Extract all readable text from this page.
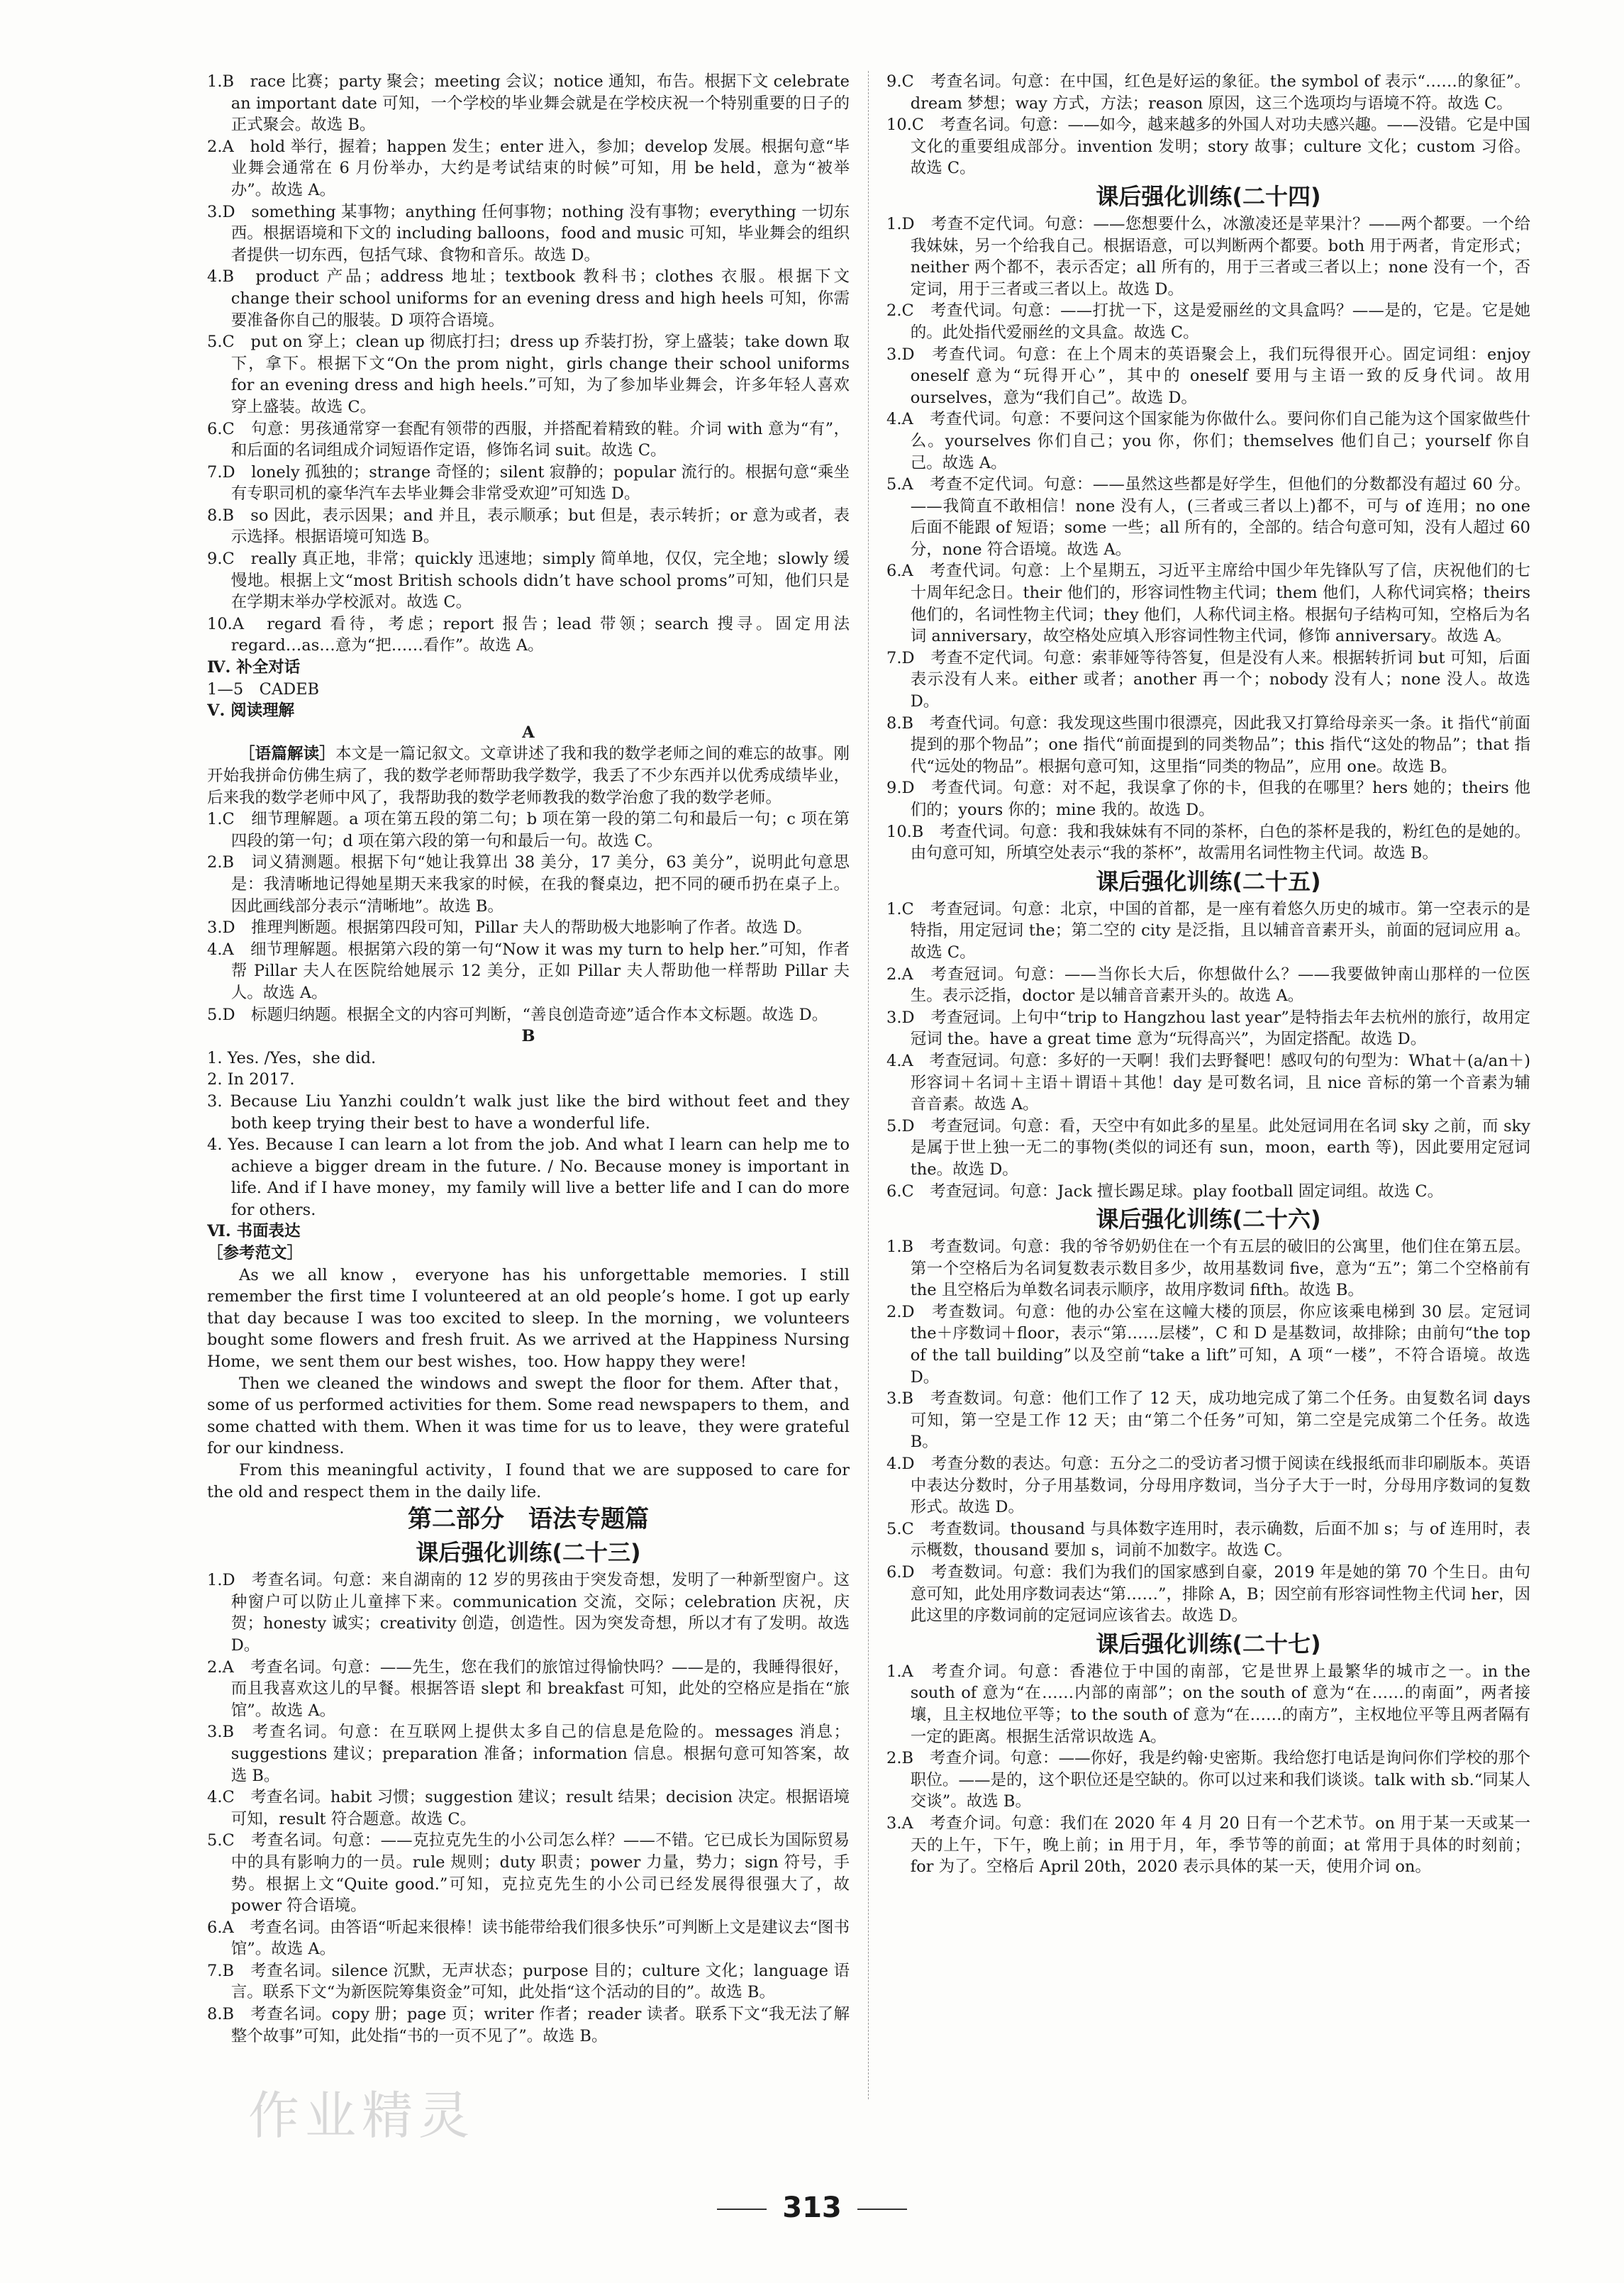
1.B　race 比赛；party 聚会；meeting 会议；notice 通知，布告。根据下文 celebrate an important date 可知，一个学校的毕业舞会就是在学校庆祝一个特别重要的日子的正式聚会。故选 B。

2.A　hold 举行，握着；happen 发生；enter 进入，参加；develop 发展。根据句意“毕业舞会通常在 6 月份举办，大约是考试结束的时候”可知，用 be held，意为“被举办”。故选 A。

3.D　something 某事物；anything 任何事物；nothing 没有事物；everything 一切东西。根据语境和下文的 including balloons，food and music 可知，毕业舞会的组织者提供一切东西，包括气球、食物和音乐。故选 D。

4.B　product 产品；address 地址；textbook 教科书；clothes 衣服。根据下文 change their school uniforms for an evening dress and high heels 可知，你需要准备你自己的服装。D 项符合语境。

5.C　put on 穿上；clean up 彻底打扫；dress up 乔装打扮，穿上盛装；take down 取下，拿下。根据下文“On the prom night，girls change their school uniforms for an evening dress and high heels.”可知，为了参加毕业舞会，许多年轻人喜欢穿上盛装。故选 C。

6.C　句意：男孩通常穿一套配有领带的西服，并搭配着精致的鞋。介词 with 意为“有”，和后面的名词组成介词短语作定语，修饰名词 suit。故选 C。

7.D　lonely 孤独的；strange 奇怪的；silent 寂静的；popular 流行的。根据句意“乘坐有专职司机的豪华汽车去毕业舞会非常受欢迎”可知选 D。

8.B　so 因此，表示因果；and 并且，表示顺承；but 但是，表示转折；or 意为或者，表示选择。根据语境可知选 B。

9.C　really 真正地，非常；quickly 迅速地；simply 简单地，仅仅，完全地；slowly 缓慢地。根据上文“most British schools didn’t have school proms”可知，他们只是在学期末举办学校派对。故选 C。

10.A　regard 看待，考虑；report 报告；lead 带领；search 搜寻。固定用法 regard…as…意为“把……看作”。故选 A。

Ⅳ. 补全对话

1—5　CADEB

Ⅴ. 阅读理解

A

［语篇解读］本文是一篇记叙文。文章讲述了我和我的数学老师之间的难忘的故事。刚开始我拼命仿佛生病了，我的数学老师帮助我学数学，我丢了不少东西并以优秀成绩毕业，后来我的数学老师中风了，我帮助我的数学老师教我的数学治愈了我的数学老师。

1.C　细节理解题。a 项在第五段的第二句；b 项在第一段的第二句和最后一句；c 项在第四段的第一句；d 项在第六段的第一句和最后一句。故选 C。

2.B　词义猜测题。根据下句“她让我算出 38 美分，17 美分，63 美分”，说明此句意思是：我清晰地记得她星期天来我家的时候，在我的餐桌边，把不同的硬币扔在桌子上。因此画线部分表示“清晰地”。故选 B。

3.D　推理判断题。根据第四段可知，Pillar 夫人的帮助极大地影响了作者。故选 D。

4.A　细节理解题。根据第六段的第一句“Now it was my turn to help her.”可知，作者帮 Pillar 夫人在医院给她展示 12 美分，正如 Pillar 夫人帮助他一样帮助 Pillar 夫人。故选 A。

5.D　标题归纳题。根据全文的内容可判断，“善良创造奇迹”适合作本文标题。故选 D。

B

1. Yes. /Yes，she did.

2. In 2017.

3. Because Liu Yanzhi couldn’t walk just like the bird without feet and they both keep trying their best to have a wonderful life.

4. Yes. Because I can learn a lot from the job. And what I learn can help me to achieve a bigger dream in the future. / No. Because money is important in life. And if I have money，my family will live a better life and I can do more for others.

Ⅵ. 书面表达

［参考范文］

As we all know，everyone has his unforgettable memories. I still remember the first time I volunteered at an old people’s home. I got up early that day because I was too excited to sleep. In the morning，we volunteers bought some flowers and fresh fruit. As we arrived at the Happiness Nursing Home，we sent them our best wishes，too. How happy they were!

Then we cleaned the windows and swept the floor for them. After that，some of us performed activities for them. Some read newspapers to them，and some chatted with them. When it was time for us to leave，they were grateful for our kindness.

From this meaningful activity，I found that we are supposed to care for the old and respect them in the daily life.

第二部分　语法专题篇

课后强化训练(二十三)

1.D　考查名词。句意：来自湖南的 12 岁的男孩由于突发奇想，发明了一种新型窗户。这种窗户可以防止儿童摔下来。communication 交流，交际；celebration 庆祝，庆贺；honesty 诚实；creativity 创造，创造性。因为突发奇想，所以才有了发明。故选 D。

2.A　考查名词。句意：——先生，您在我们的旅馆过得愉快吗？——是的，我睡得很好，而且我喜欢这儿的早餐。根据答语 slept 和 breakfast 可知，此处的空格应是指在“旅馆”。故选 A。

3.B　考查名词。句意：在互联网上提供太多自己的信息是危险的。messages 消息；suggestions 建议；preparation 准备；information 信息。根据句意可知答案，故选 B。

4.C　考查名词。habit 习惯；suggestion 建议；result 结果；decision 决定。根据语境可知，result 符合题意。故选 C。

5.C　考查名词。句意：——克拉克先生的小公司怎么样？——不错。它已成长为国际贸易中的具有影响力的一员。rule 规则；duty 职责；power 力量，势力；sign 符号，手势。根据上文“Quite good.”可知，克拉克先生的小公司已经发展得很强大了，故 power 符合语境。

6.A　考查名词。由答语“听起来很棒！读书能带给我们很多快乐”可判断上文是建议去“图书馆”。故选 A。

7.B　考查名词。silence 沉默，无声状态；purpose 目的；culture 文化；language 语言。联系下文“为新医院筹集资金”可知，此处指“这个活动的目的”。故选 B。

8.B　考查名词。copy 册；page 页；writer 作者；reader 读者。联系下文“我无法了解整个故事”可知，此处指“书的一页不见了”。故选 B。

9.C　考查名词。句意：在中国，红色是好运的象征。the symbol of 表示“……的象征”。dream 梦想；way 方式，方法；reason 原因，这三个选项均与语境不符。故选 C。

10.C　考查名词。句意：——如今，越来越多的外国人对功夫感兴趣。——没错。它是中国文化的重要组成部分。invention 发明；story 故事；culture 文化；custom 习俗。故选 C。

课后强化训练(二十四)

1.D　考查不定代词。句意：——您想要什么，冰激凌还是苹果汁？——两个都要。一个给我妹妹，另一个给我自己。根据语意，可以判断两个都要。both 用于两者，肯定形式；neither 两个都不，表示否定；all 所有的，用于三者或三者以上；none 没有一个，否定词，用于三者或三者以上。故选 D。

2.C　考查代词。句意：——打扰一下，这是爱丽丝的文具盒吗？——是的，它是。它是她的。此处指代爱丽丝的文具盒。故选 C。

3.D　考查代词。句意：在上个周末的英语聚会上，我们玩得很开心。固定词组：enjoy oneself 意为“玩得开心”，其中的 oneself 要用与主语一致的反身代词。故用 ourselves，意为“我们自己”。故选 D。

4.A　考查代词。句意：不要问这个国家能为你做什么。要问你们自己能为这个国家做些什么。yourselves 你们自己；you 你，你们；themselves 他们自己；yourself 你自己。故选 A。

5.A　考查不定代词。句意：——虽然这些都是好学生，但他们的分数都没有超过 60 分。——我简直不敢相信！none 没有人，(三者或三者以上)都不，可与 of 连用；no one 后面不能跟 of 短语；some 一些；all 所有的，全部的。结合句意可知，没有人超过 60 分，none 符合语境。故选 A。

6.A　考查代词。句意：上个星期五，习近平主席给中国少年先锋队写了信，庆祝他们的七十周年纪念日。their 他们的，形容词性物主代词；them 他们，人称代词宾格；theirs 他们的，名词性物主代词；they 他们，人称代词主格。根据句子结构可知，空格后为名词 anniversary，故空格处应填入形容词性物主代词，修饰 anniversary。故选 A。

7.D　考查不定代词。句意：索菲娅等待答复，但是没有人来。根据转折词 but 可知，后面表示没有人来。either 或者；another 再一个；nobody 没有人；none 没人。故选 D。

8.B　考查代词。句意：我发现这些围巾很漂亮，因此我又打算给母亲买一条。it 指代“前面提到的那个物品”；one 指代“前面提到的同类物品”；this 指代“这处的物品”；that 指代“远处的物品”。根据句意可知，这里指“同类的物品”，应用 one。故选 B。

9.D　考查代词。句意：对不起，我误拿了你的卡，但我的在哪里？hers 她的；theirs 他们的；yours 你的；mine 我的。故选 D。

10.B　考查代词。句意：我和我妹妹有不同的茶杯，白色的茶杯是我的，粉红色的是她的。由句意可知，所填空处表示“我的茶杯”，故需用名词性物主代词。故选 B。

课后强化训练(二十五)

1.C　考查冠词。句意：北京，中国的首都，是一座有着悠久历史的城市。第一空表示的是特指，用定冠词 the；第二空的 city 是泛指，且以辅音音素开头，前面的冠词应用 a。故选 C。

2.A　考查冠词。句意：——当你长大后，你想做什么？——我要做钟南山那样的一位医生。表示泛指，doctor 是以辅音音素开头的。故选 A。

3.D　考查冠词。上句中“trip to Hangzhou last year”是特指去年去杭州的旅行，故用定冠词 the。have a great time 意为“玩得高兴”，为固定搭配。故选 D。

4.A　考查冠词。句意：多好的一天啊！我们去野餐吧！感叹句的句型为：What＋(a/an＋)形容词＋名词＋主语＋谓语＋其他！day 是可数名词，且 nice 音标的第一个音素为辅音音素。故选 A。

5.D　考查冠词。句意：看，天空中有如此多的星星。此处冠词用在名词 sky 之前，而 sky 是属于世上独一无二的事物(类似的词还有 sun，moon，earth 等)，因此要用定冠词 the。故选 D。

6.C　考查冠词。句意：Jack 擅长踢足球。play football 固定词组。故选 C。

课后强化训练(二十六)

1.B　考查数词。句意：我的爷爷奶奶住在一个有五层的破旧的公寓里，他们住在第五层。第一个空格后为名词复数表示数目多少，故用基数词 five，意为“五”；第二个空格前有 the 且空格后为单数名词表示顺序，故用序数词 fifth。故选 B。

2.D　考查数词。句意：他的办公室在这幢大楼的顶层，你应该乘电梯到 30 层。定冠词 the＋序数词＋floor，表示“第……层楼”，C 和 D 是基数词，故排除；由前句“the top of the tall building”以及空前“take a lift”可知，A 项“一楼”，不符合语境。故选 D。

3.B　考查数词。句意：他们工作了 12 天，成功地完成了第二个任务。由复数名词 days 可知，第一空是工作 12 天；由“第二个任务”可知，第二空是完成第二个任务。故选 B。

4.D　考查分数的表达。句意：五分之二的受访者习惯于阅读在线报纸而非印刷版本。英语中表达分数时，分子用基数词，分母用序数词，当分子大于一时，分母用序数词的复数形式。故选 D。

5.C　考查数词。thousand 与具体数字连用时，表示确数，后面不加 s；与 of 连用时，表示概数，thousand 要加 s，词前不加数字。故选 C。

6.D　考查数词。句意：我们为我们的国家感到自豪，2019 年是她的第 70 个生日。由句意可知，此处用序数词表达“第……”，排除 A，B；因空前有形容词性物主代词 her，因此这里的序数词前的定冠词应该省去。故选 D。

课后强化训练(二十七)

1.A　考查介词。句意：香港位于中国的南部，它是世界上最繁华的城市之一。in the south of 意为“在……内部的南部”；on the south of 意为“在……的南面”，两者接壤，且主权地位平等；to the south of 意为“在……的南方”，主权地位平等且两者隔有一定的距离。根据生活常识故选 A。

2.B　考查介词。句意：——你好，我是约翰·史密斯。我给您打电话是询问你们学校的那个职位。——是的，这个职位还是空缺的。你可以过来和我们谈谈。talk with sb.“同某人交谈”。故选 B。

3.A　考查介词。句意：我们在 2020 年 4 月 20 日有一个艺术节。on 用于某一天或某一天的上午，下午，晚上前；in 用于月，年，季节等的前面；at 常用于具体的时刻前；for 为了。空格后 April 20th，2020 表示具体的某一天，使用介词 on。

作业精灵
313
